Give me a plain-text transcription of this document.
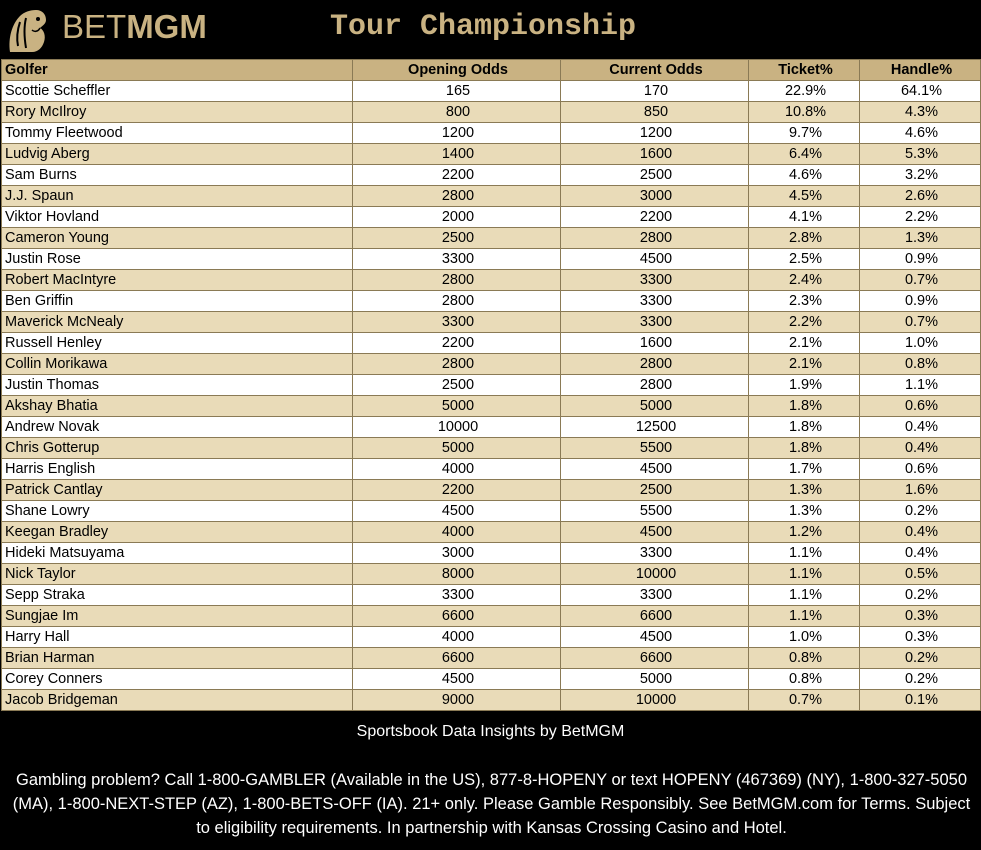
BETMGM	Tour Championship
Golfer	Opening Odds	Current Odds	Ticket%	Handle%
Scottie Scheffler	165	170	22.9%	64.1%
Rory McIlroy	800	850	10.8%	4.3%
Tommy Fleetwood	1200	1200	9.7%	4.6%
Ludvig Aberg	1400	1600	6.4%	5.3%
Sam Burns	2200	2500	4.6%	3.2%
J.J. Spaun	2800	3000	4.5%	2.6%
Viktor Hovland	2000	2200	4.1%	2.2%
Cameron Young	2500	2800	2.8%	1.3%
Justin Rose	3300	4500	2.5%	0.9%
Robert MacIntyre	2800	3300	2.4%	0.7%
Ben Griffin	2800	3300	2.3%	0.9%
Maverick McNealy	3300	3300	2.2%	0.7%
Russell Henley	2200	1600	2.1%	1.0%
Collin Morikawa	2800	2800	2.1%	0.8%
Justin Thomas	2500	2800	1.9%	1.1%
Akshay Bhatia	5000	5000	1.8%	0.6%
Andrew Novak	10000	12500	1.8%	0.4%
Chris Gotterup	5000	5500	1.8%	0.4%
Harris English	4000	4500	1.7%	0.6%
Patrick Cantlay	2200	2500	1.3%	1.6%
Shane Lowry	4500	5500	1.3%	0.2%
Keegan Bradley	4000	4500	1.2%	0.4%
Hideki Matsuyama	3000	3300	1.1%	0.4%
Nick Taylor	8000	10000	1.1%	0.5%
Sepp Straka	3300	3300	1.1%	0.2%
Sungjae Im	6600	6600	1.1%	0.3%
Harry Hall	4000	4500	1.0%	0.3%
Brian Harman	6600	6600	0.8%	0.2%
Corey Conners	4500	5000	0.8%	0.2%
Jacob Bridgeman	9000	10000	0.7%	0.1%
Sportsbook Data Insights by BetMGM
Gambling problem? Call 1-800-GAMBLER (Available in the US), 877-8-HOPENY or text HOPENY (467369) (NY), 1-800-327-5050 (MA), 1-800-NEXT-STEP (AZ), 1-800-BETS-OFF (IA). 21+ only. Please Gamble Responsibly. See BetMGM.com for Terms. Subject to eligibility requirements. In partnership with Kansas Crossing Casino and Hotel.
